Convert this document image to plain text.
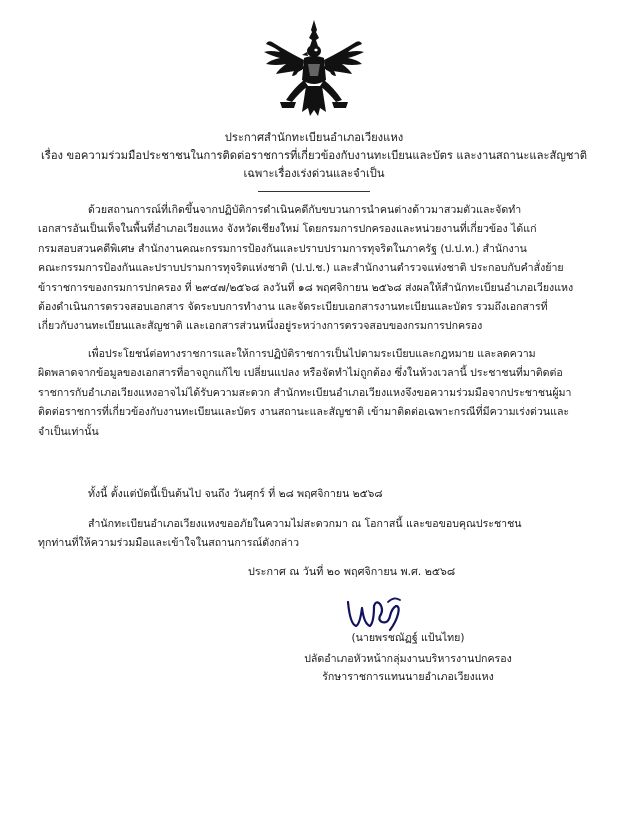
ประกาศสำนักทะเบียนอำเภอเวียงแหง
เรื่อง ขอความร่วมมือประชาชนในการติดต่อราชการที่เกี่ยวข้องกับงานทะเบียนและบัตร และงานสถานะและสัญชาติ
เฉพาะเรื่องเร่งด่วนและจำเป็น
ด้วยสถานการณ์ที่เกิดขึ้นจากปฏิบัติการดำเนินคดีกับขบวนการนำคนต่างด้าวมาสวมตัวและจัดทำ
เอกสารอันเป็นเท็จในพื้นที่อำเภอเวียงแหง จังหวัดเชียงใหม่ โดยกรมการปกครองและหน่วยงานที่เกี่ยวข้อง ได้แก่
กรมสอบสวนคดีพิเศษ สำนักงานคณะกรรมการป้องกันและปราบปรามการทุจริตในภาครัฐ (ป.ป.ท.) สำนักงาน
คณะกรรมการป้องกันและปราบปรามการทุจริตแห่งชาติ (ป.ป.ช.) และสำนักงานตำรวจแห่งชาติ ประกอบกับคำสั่งย้าย
ข้าราชการของกรมการปกครอง ที่ ๒๙๔๗/๒๕๖๘ ลงวันที่ ๑๘ พฤศจิกายน ๒๕๖๘ ส่งผลให้สำนักทะเบียนอำเภอเวียงแหง
ต้องดำเนินการตรวจสอบเอกสาร จัดระบบการทำงาน และจัดระเบียบเอกสารงานทะเบียนและบัตร รวมถึงเอกสารที่
เกี่ยวกับงานทะเบียนและสัญชาติ และเอกสารส่วนหนึ่งอยู่ระหว่างการตรวจสอบของกรมการปกครอง
เพื่อประโยชน์ต่อทางราชการและให้การปฏิบัติราชการเป็นไปตามระเบียบและกฎหมาย และลดความ
ผิดพลาดจากข้อมูลของเอกสารที่อาจถูกแก้ไข เปลี่ยนแปลง หรือจัดทำไม่ถูกต้อง ซึ่งในห้วงเวลานี้ ประชาชนที่มาติดต่อ
ราชการกับอำเภอเวียงแหงอาจไม่ได้รับความสะดวก สำนักทะเบียนอำเภอเวียงแหงจึงขอความร่วมมือจากประชาชนผู้มา
ติดต่อราชการที่เกี่ยวข้องกับงานทะเบียนและบัตร งานสถานะและสัญชาติ เข้ามาติดต่อเฉพาะกรณีที่มีความเร่งด่วนและ
จำเป็นเท่านั้น
ทั้งนี้ ตั้งแต่บัดนี้เป็นต้นไป จนถึง วันศุกร์ ที่ ๒๘ พฤศจิกายน ๒๕๖๘
สำนักทะเบียนอำเภอเวียงแหงขออภัยในความไม่สะดวกมา ณ โอกาสนี้ และขอขอบคุณประชาชน
ทุกท่านที่ให้ความร่วมมือและเข้าใจในสถานการณ์ดังกล่าว
ประกาศ ณ วันที่ ๒๐ พฤศจิกายน พ.ศ. ๒๕๖๘
(นายพรชณัฏฐ์ แป้นไทย)
ปลัดอำเภอหัวหน้ากลุ่มงานบริหารงานปกครอง
รักษาราชการแทนนายอำเภอเวียงแหง
